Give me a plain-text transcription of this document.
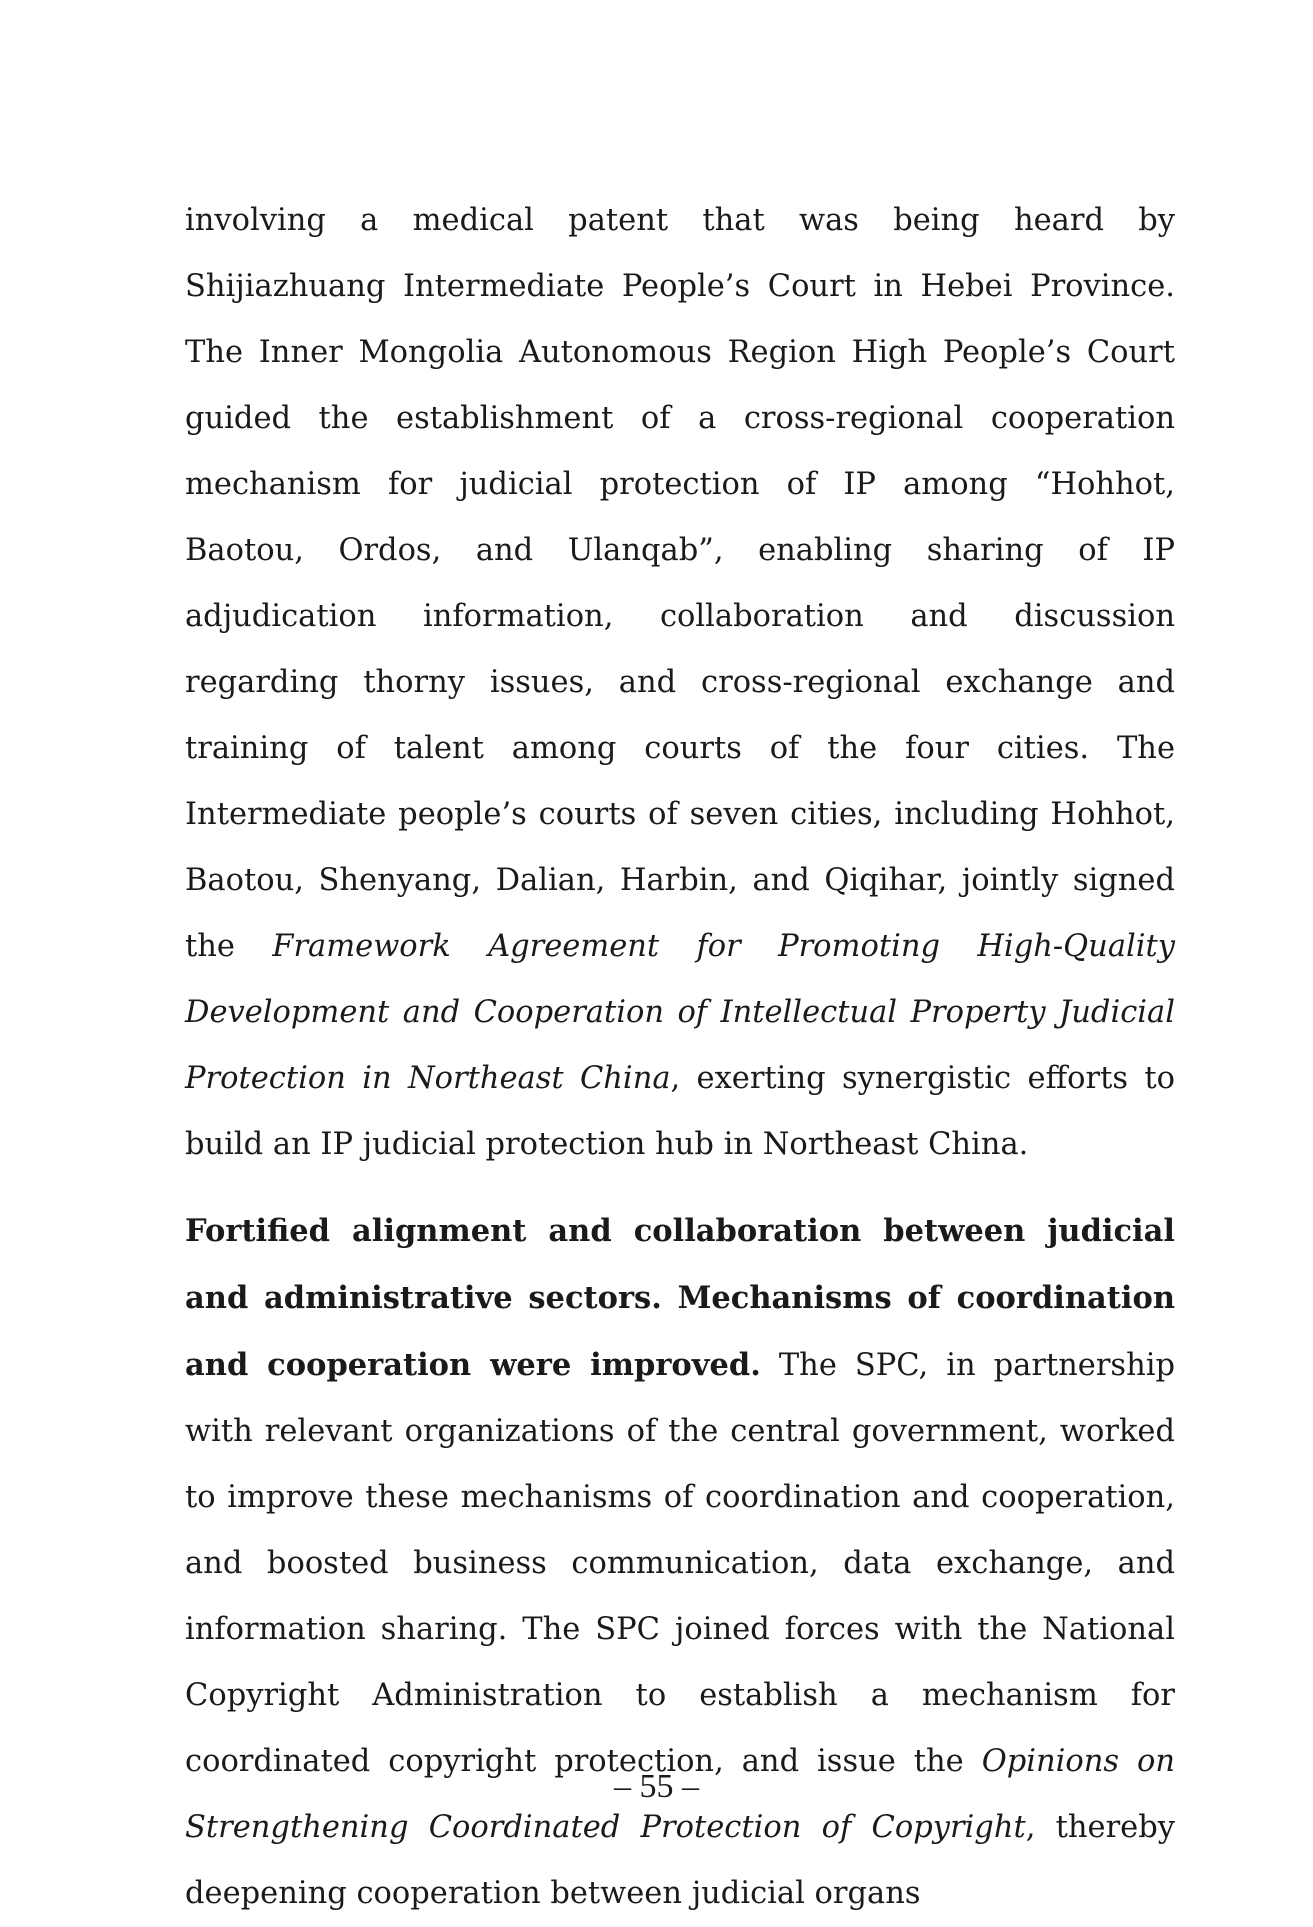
involving a medical patent that was being heard by Shijiazhuang Intermediate People’s Court in Hebei Province. The Inner Mongolia Autonomous Region High People’s Court guided the establishment of a cross-regional cooperation mechanism for judicial protection of IP among “Hohhot, Baotou, Ordos, and Ulanqab”, enabling sharing of IP adjudication information, collaboration and discussion regarding thorny issues, and cross-regional exchange and training of talent among courts of the four cities. The Intermediate people’s courts of seven cities, including Hohhot, Baotou, Shenyang, Dalian, Harbin, and Qiqihar, jointly signed the Framework Agreement for Promoting High-Quality Development and Cooperation of Intellectual Property Judicial Protection in Northeast China, exerting synergistic efforts to build an IP judicial protection hub in Northeast China.

Fortified alignment and collaboration between judicial and administrative sectors. Mechanisms of coordination and cooperation were improved. The SPC, in partnership with relevant organizations of the central government, worked to improve these mechanisms of coordination and cooperation, and boosted business communication, data exchange, and information sharing. The SPC joined forces with the National Copyright Administration to establish a mechanism for coordinated copyright protection, and issue the Opinions on Strengthening Coordinated Protection of Copyright, thereby deepening cooperation between judicial organs

– 55 –
